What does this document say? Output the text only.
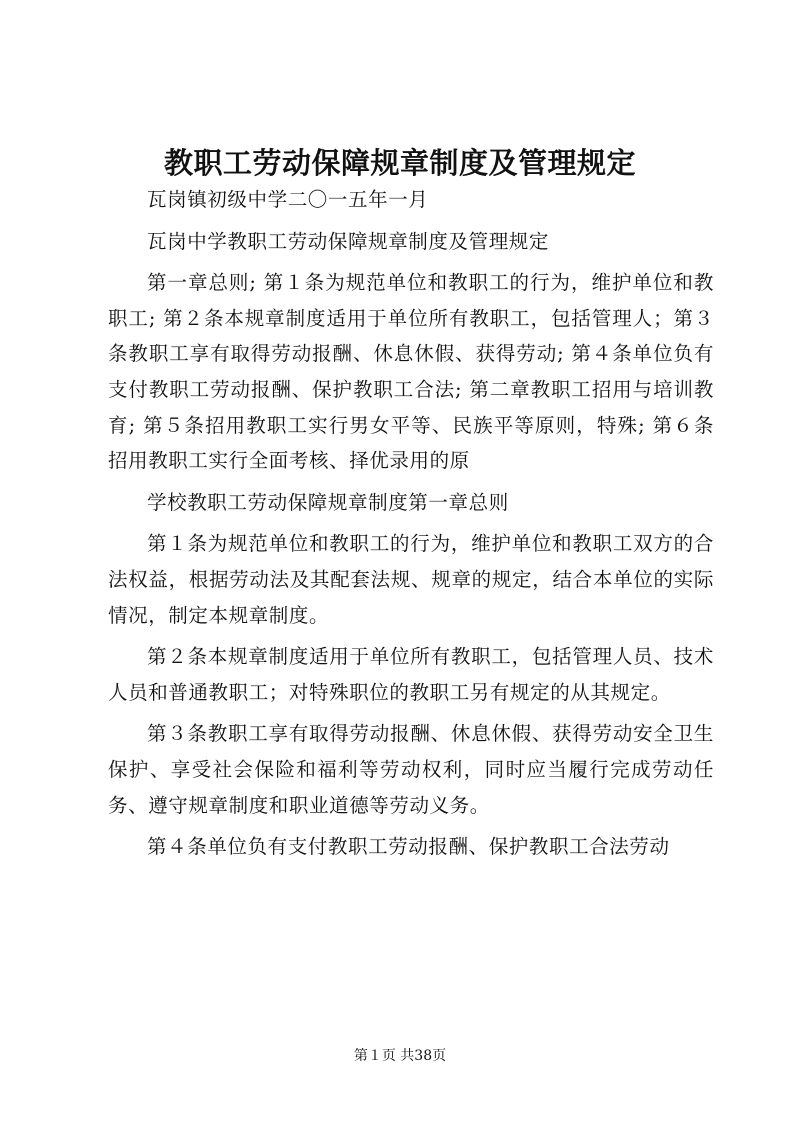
教职工劳动保障规章制度及管理规定

瓦岗镇初级中学二〇一五年一月

瓦岗中学教职工劳动保障规章制度及管理规定

第一章总则; 第１条为规范单位和教职工的行为，维护单位和教职工; 第２条本规章制度适用于单位所有教职工，包括管理人；第３条教职工享有取得劳动报酬、休息休假、获得劳动; 第４条单位负有支付教职工劳动报酬、保护教职工合法; 第二章教职工招用与培训教育; 第５条招用教职工实行男女平等、民族平等原则，特殊; 第６条招用教职工实行全面考核、择优录用的原

学校教职工劳动保障规章制度第一章总则

第１条为规范单位和教职工的行为，维护单位和教职工双方的合法权益，根据劳动法及其配套法规、规章的规定，结合本单位的实际情况，制定本规章制度。

第２条本规章制度适用于单位所有教职工，包括管理人员、技术人员和普通教职工；对特殊职位的教职工另有规定的从其规定。

第３条教职工享有取得劳动报酬、休息休假、获得劳动安全卫生保护、享受社会保险和福利等劳动权利，同时应当履行完成劳动任务、遵守规章制度和职业道德等劳动义务。

第４条单位负有支付教职工劳动报酬、保护教职工合法劳动

第１页 共38页
